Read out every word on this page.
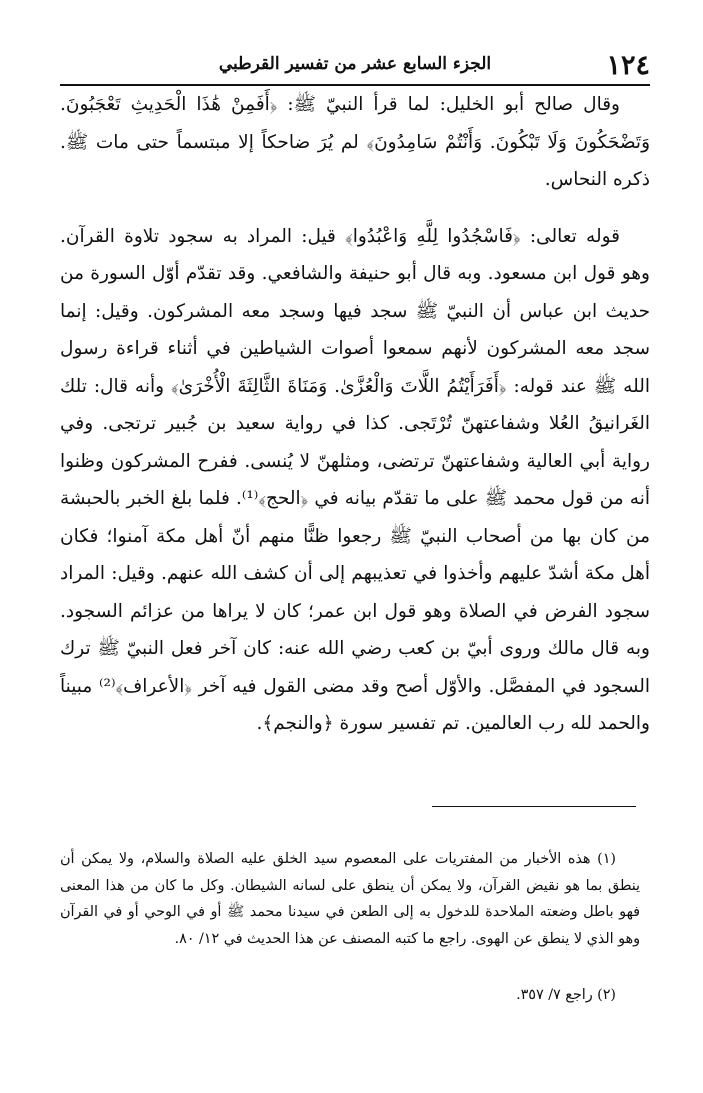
١٢٤
الجزء السابع عشر من تفسير القرطبي

وقال صالح أبو الخليل: لما قرأ النبيّ ﷺ: ﴿أَفَمِنْ هَٰذَا الْحَدِيثِ تَعْجَبُونَ. وَتَضْحَكُونَ وَلَا تَبْكُونَ. وَأَنْتُمْ سَامِدُونَ﴾ لم يُرَ ضاحكاً إلا مبتسماً حتى مات ﷺ. ذكره النحاس.

قوله تعالى: ﴿فَاسْجُدُوا لِلَّهِ وَاعْبُدُوا﴾ قيل: المراد به سجود تلاوة القرآن. وهو قول ابن مسعود. وبه قال أبو حنيفة والشافعي. وقد تقدّم أوّل السورة من حديث ابن عباس أن النبيّ ﷺ سجد فيها وسجد معه المشركون. وقيل: إنما سجد معه المشركون لأنهم سمعوا أصوات الشياطين في أثناء قراءة رسول الله ﷺ عند قوله: ﴿أَفَرَأَيْتُمُ اللَّاتَ وَالْعُزَّىٰ. وَمَنَاةَ الثَّالِثَةَ الْأُخْرَىٰ﴾ وأنه قال: تلك الغَرانيقُ العُلا وشفاعتهنّ تُرْتَجى. كذا في رواية سعيد بن جُبير ترتجى. وفي رواية أبي العالية وشفاعتهنّ ترتضى، ومثلهنّ لا يُنسى. ففرح المشركون وظنوا أنه من قول محمد ﷺ على ما تقدّم بيانه في ﴿الحج﴾⁽¹⁾. فلما بلغ الخبر بالحبشة من كان بها من أصحاب النبيّ ﷺ رجعوا ظنًّا منهم أنّ أهل مكة آمنوا؛ فكان أهل مكة أشدّ عليهم وأخذوا في تعذيبهم إلى أن كشف الله عنهم. وقيل: المراد سجود الفرض في الصلاة وهو قول ابن عمر؛ كان لا يراها من عزائم السجود. وبه قال مالك وروى أبيّ بن كعب رضي الله عنه: كان آخر فعل النبيّ ﷺ ترك السجود في المفصَّل. والأوّل أصح وقد مضى القول فيه آخر ﴿الأعراف﴾⁽²⁾ مبيناً والحمد لله رب العالمين. تم تفسير سورة ﴿والنجم﴾.

(١) هذه الأخبار من المفتريات على المعصوم سيد الخلق عليه الصلاة والسلام، ولا يمكن أن ينطق بما هو نقيض القرآن، ولا يمكن أن ينطق على لسانه الشيطان. وكل ما كان من هذا المعنى فهو باطل وضعته الملاحدة للدخول به إلى الطعن في سيدنا محمد ﷺ أو في الوحي أو في القرآن وهو الذي لا ينطق عن الهوى. راجع ما كتبه المصنف عن هذا الحديث في ١٢/ ٨٠.

(٢) راجع ٧/ ٣٥٧.
